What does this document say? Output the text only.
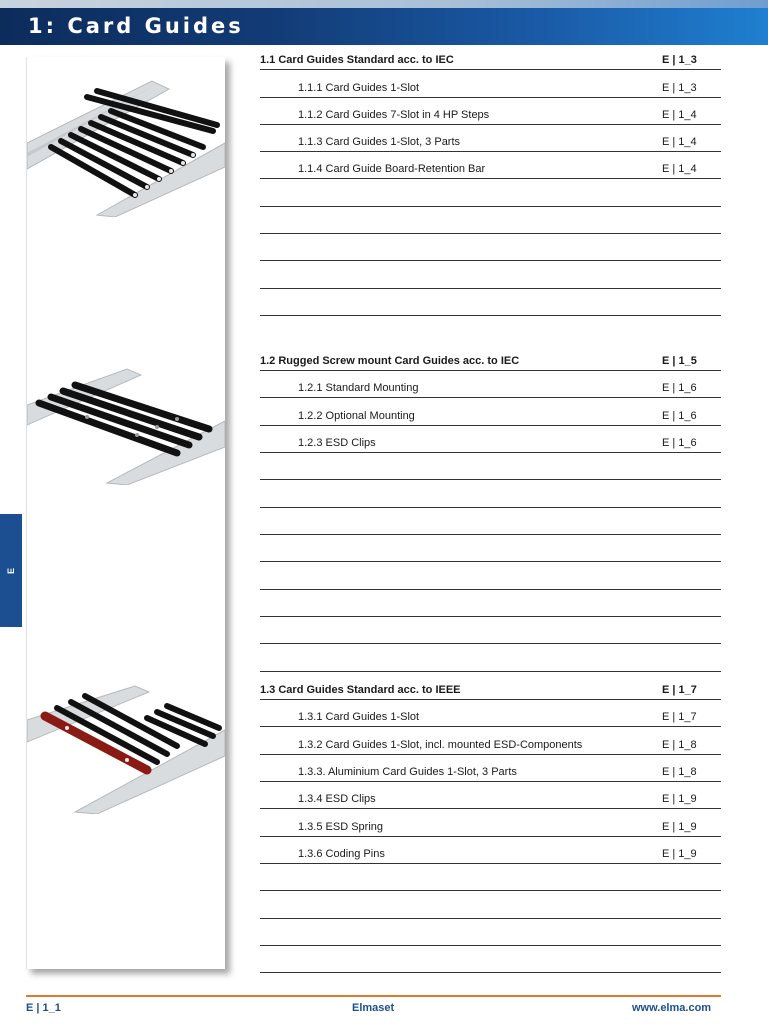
1: Card Guides
E
1.1 Card Guides Standard acc. to IEC	E | 1_3
1.1.1 Card Guides 1-Slot	E | 1_3
1.1.2 Card Guides 7-Slot in 4 HP Steps	E | 1_4
1.1.3 Card Guides 1-Slot, 3 Parts	E | 1_4
1.1.4 Card Guide Board-Retention Bar	E | 1_4
1.2 Rugged Screw mount Card Guides acc. to IEC	E | 1_5
1.2.1 Standard Mounting	E | 1_6
1.2.2 Optional Mounting	E | 1_6
1.2.3 ESD Clips	E | 1_6
1.3 Card Guides Standard acc. to IEEE	E | 1_7
1.3.1 Card Guides 1-Slot	E | 1_7
1.3.2 Card Guides 1-Slot, incl. mounted ESD-Components	E | 1_8
1.3.3. Aluminium Card Guides 1-Slot, 3 Parts	E | 1_8
1.3.4 ESD Clips	E | 1_9
1.3.5 ESD Spring	E | 1_9
1.3.6 Coding Pins	E | 1_9
E | 1_1	Elmaset	www.elma.com
